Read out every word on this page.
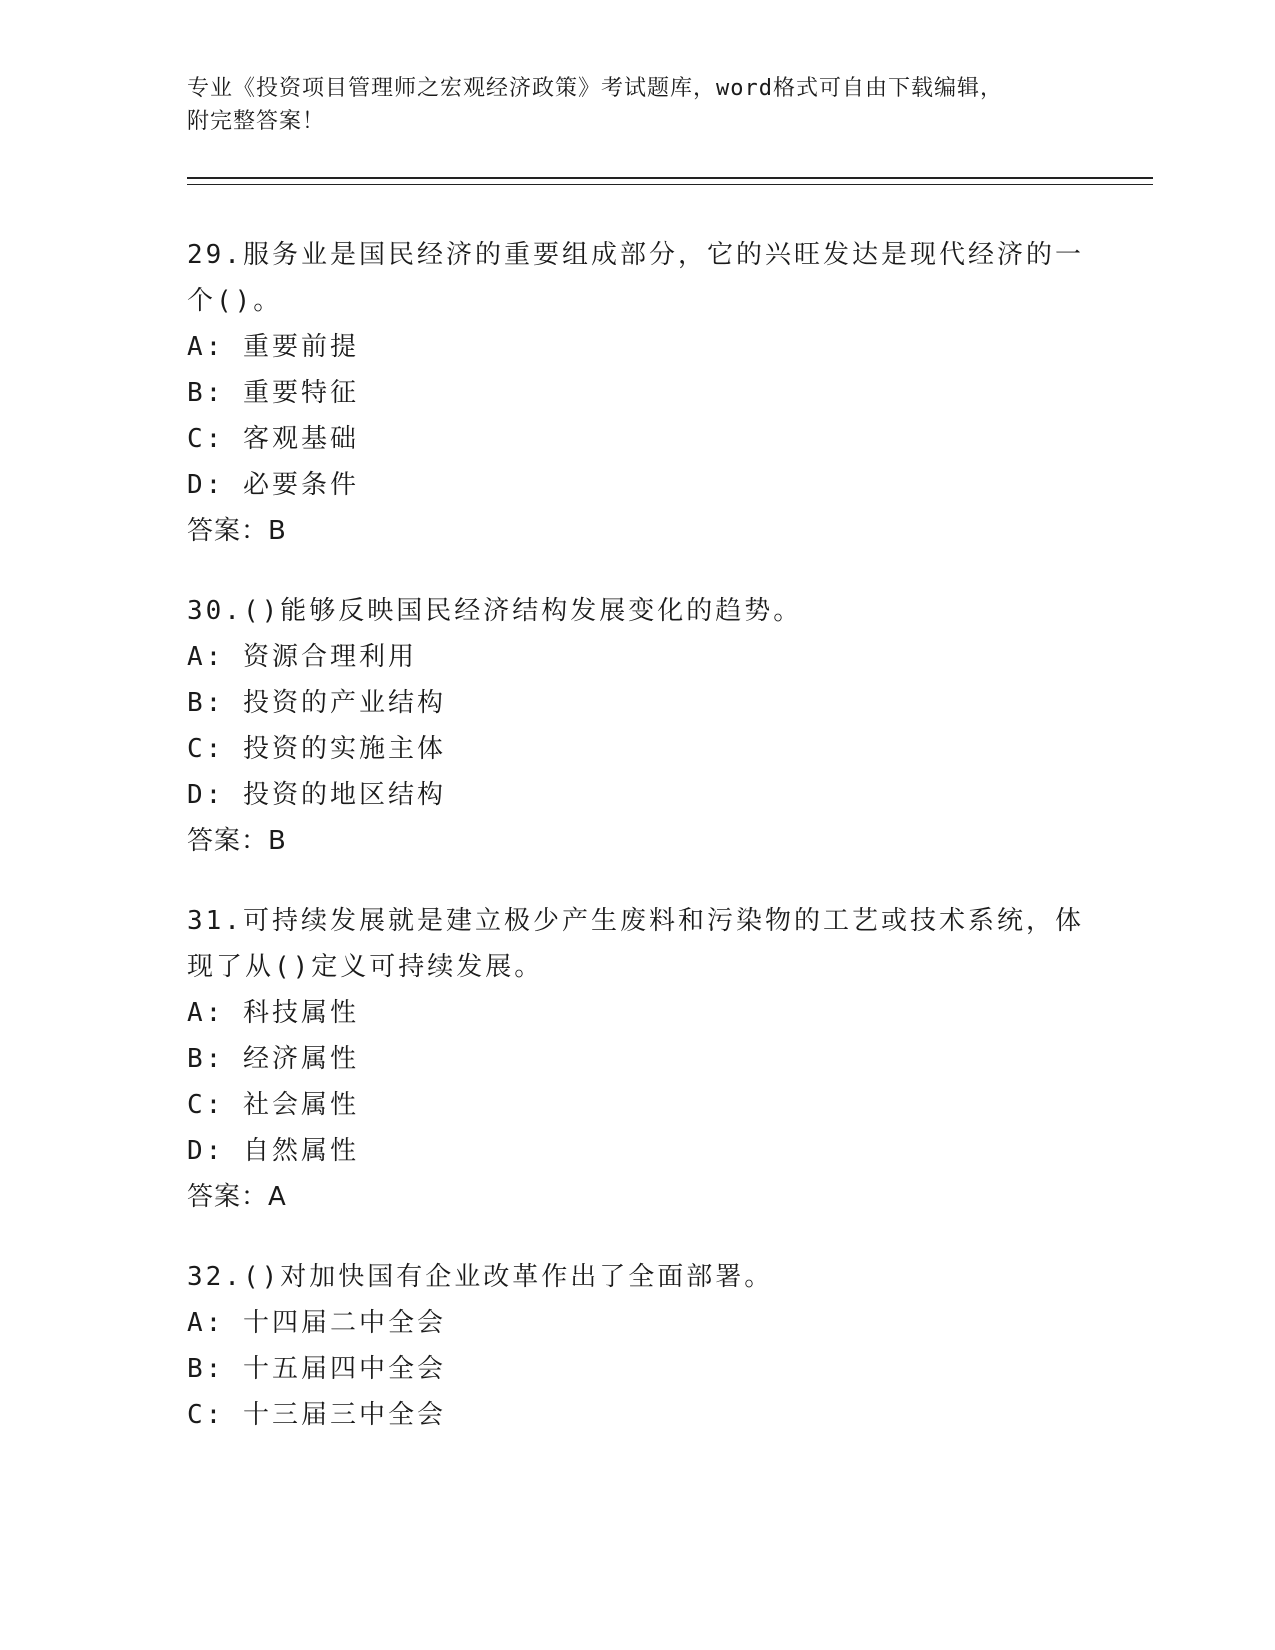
专业《投资项目管理师之宏观经济政策》考试题库，word格式可自由下载编辑，
附完整答案！
29.服务业是国民经济的重要组成部分，它的兴旺发达是现代经济的一
个()。
A: 重要前提
B: 重要特征
C: 客观基础
D: 必要条件
答案：B
30.()能够反映国民经济结构发展变化的趋势。
A: 资源合理利用
B: 投资的产业结构
C: 投资的实施主体
D: 投资的地区结构
答案：B
31.可持续发展就是建立极少产生废料和污染物的工艺或技术系统，体
现了从()定义可持续发展。
A: 科技属性
B: 经济属性
C: 社会属性
D: 自然属性
答案：A
32.()对加快国有企业改革作出了全面部署。
A: 十四届二中全会
B: 十五届四中全会
C: 十三届三中全会
